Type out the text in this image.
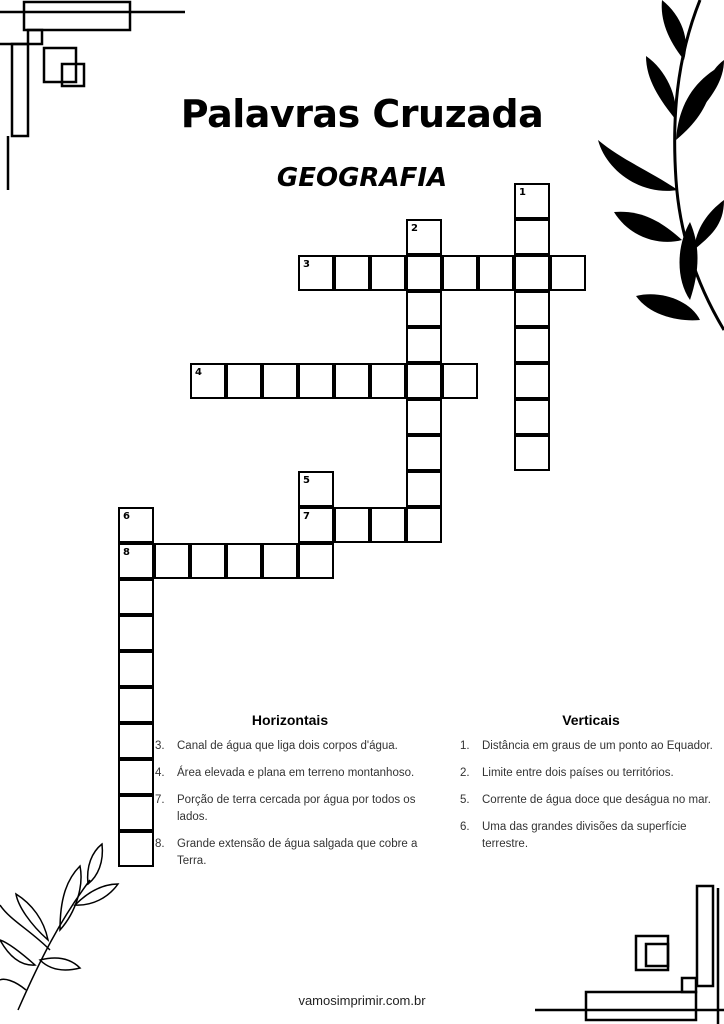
Palavras Cruzada
GEOGRAFIA	1
2
3
4
5
6	7
8
Horizontais
3.	Canal de água que liga dois corpos d'água.
4.	Área elevada e plana em terreno montanhoso.
7.	Porção de terra cercada por água por todos os lados.
8.	Grande extensão de água salgada que cobre a Terra.
Verticais
1.	Distância em graus de um ponto ao Equador.
2.	Limite entre dois países ou territórios.
5.	Corrente de água doce que deságua no mar.
6.	Uma das grandes divisões da superfície terrestre.
vamosimprimir.com.br
